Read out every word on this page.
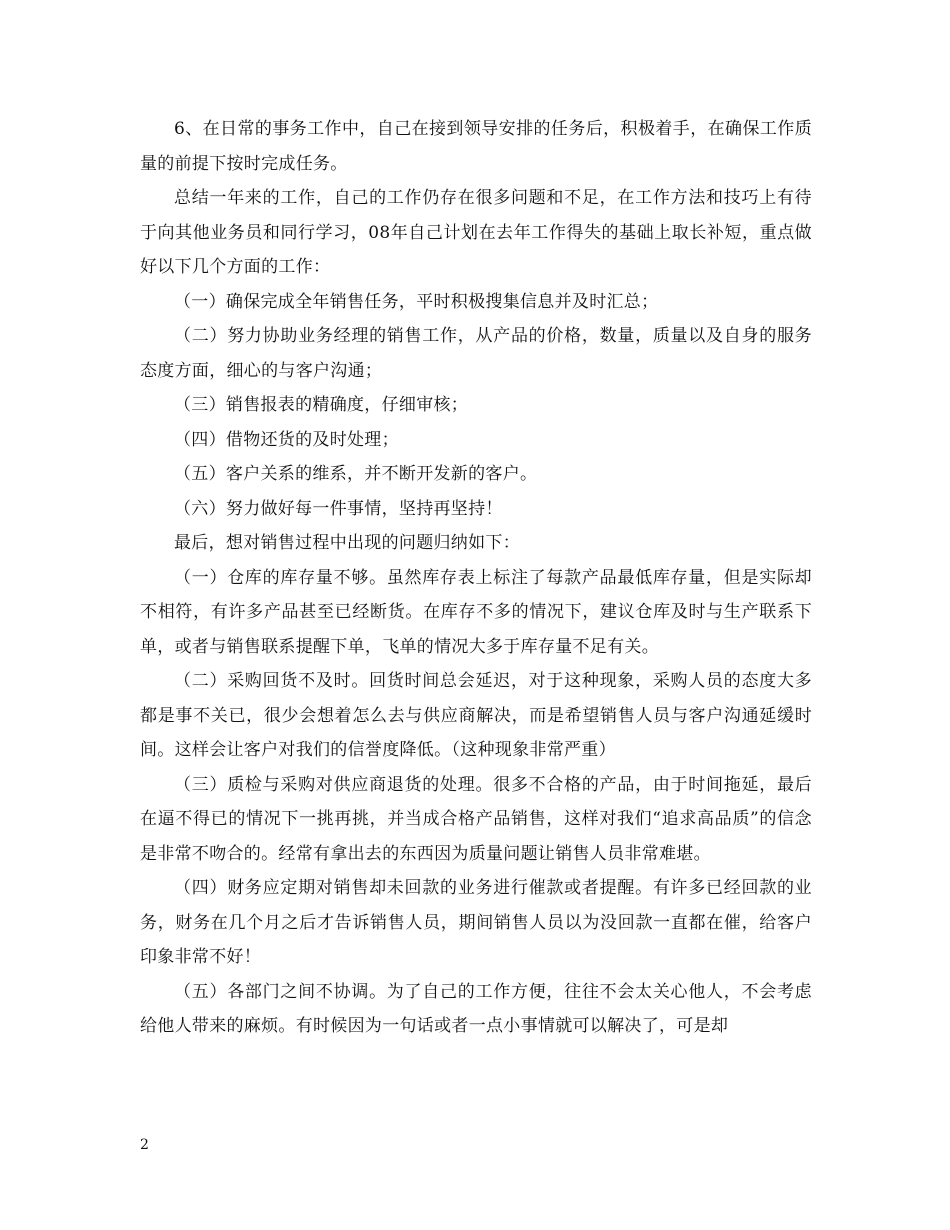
6、在日常的事务工作中，自己在接到领导安排的任务后，积极着手，在确保工作质量的前提下按时完成任务。

总结一年来的工作，自己的工作仍存在很多问题和不足，在工作方法和技巧上有待于向其他业务员和同行学习，08年自己计划在去年工作得失的基础上取长补短，重点做好以下几个方面的工作：

（一）确保完成全年销售任务，平时积极搜集信息并及时汇总；

（二）努力协助业务经理的销售工作，从产品的价格，数量，质量以及自身的服务态度方面，细心的与客户沟通；

（三）销售报表的精确度，仔细审核；

（四）借物还货的及时处理；

（五）客户关系的维系，并不断开发新的客户。

（六）努力做好每一件事情，坚持再坚持！

最后，想对销售过程中出现的问题归纳如下：

（一）仓库的库存量不够。虽然库存表上标注了每款产品最低库存量，但是实际却不相符，有许多产品甚至已经断货。在库存不多的情况下，建议仓库及时与生产联系下单，或者与销售联系提醒下单，飞单的情况大多于库存量不足有关。

（二）采购回货不及时。回货时间总会延迟，对于这种现象，采购人员的态度大多都是事不关已，很少会想着怎么去与供应商解决，而是希望销售人员与客户沟通延缓时间。这样会让客户对我们的信誉度降低。（这种现象非常严重）

（三）质检与采购对供应商退货的处理。很多不合格的产品，由于时间拖延，最后在逼不得已的情况下一挑再挑，并当成合格产品销售，这样对我们“追求高品质”的信念是非常不吻合的。经常有拿出去的东西因为质量问题让销售人员非常难堪。

（四）财务应定期对销售却未回款的业务进行催款或者提醒。有许多已经回款的业务，财务在几个月之后才告诉销售人员，期间销售人员以为没回款一直都在催，给客户印象非常不好！

（五）各部门之间不协调。为了自己的工作方便，往往不会太关心他人，不会考虑给他人带来的麻烦。有时候因为一句话或者一点小事情就可以解决了，可是却

2
